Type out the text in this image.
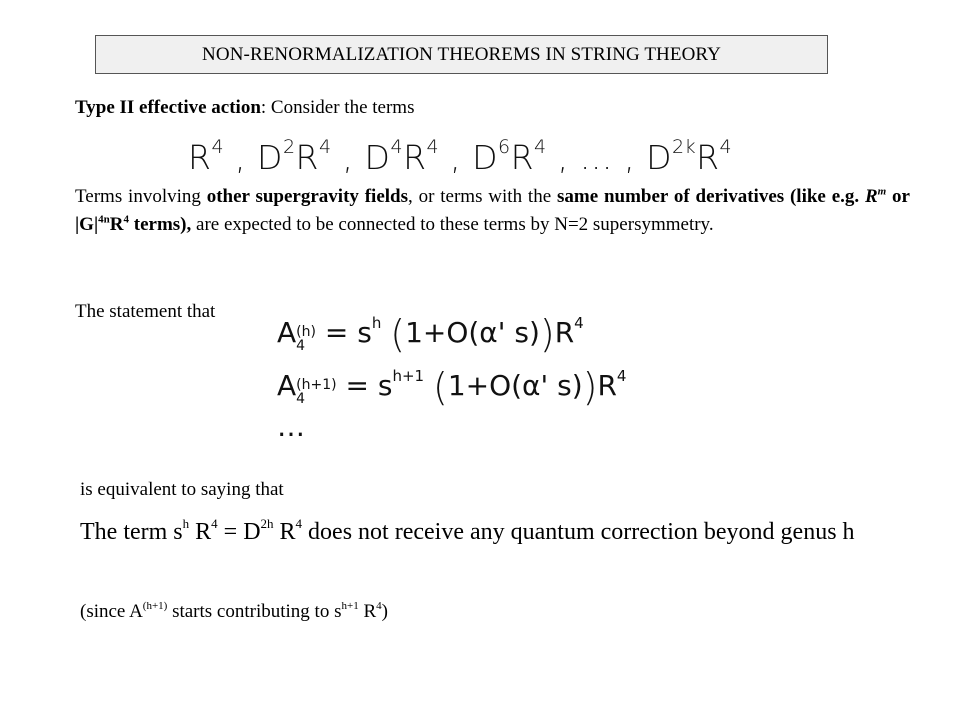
NON-RENORMALIZATION THEOREMS IN STRING THEORY
Type II effective action: Consider the terms
$R^4$ , $D^2R^4$ , $D^4R^4$ , $D^6R^4$ , … , $D^{2k}R^4$
Terms involving other supergravity fields, or terms with the same number of derivatives (like e.g. $R^m$ or $|G|^{4n}R^4$ terms), are expected to be connected to these terms by N=2 supersymmetry.
The statement that
A (h)
$4 = s^h$ (1+O(α' $s))R^4$
A (h+1)
4	= $s^{h+1}$ (1+O(α' $s))R^4$
…
is equivalent to saying that
The term $s^h$ $R^4 = D^{2h}$ $R^4$ does not receive any quantum correction beyond genus h
(since $A^{(h+1)}$ starts contributing to $s^{h+1}$ $R^4$)
